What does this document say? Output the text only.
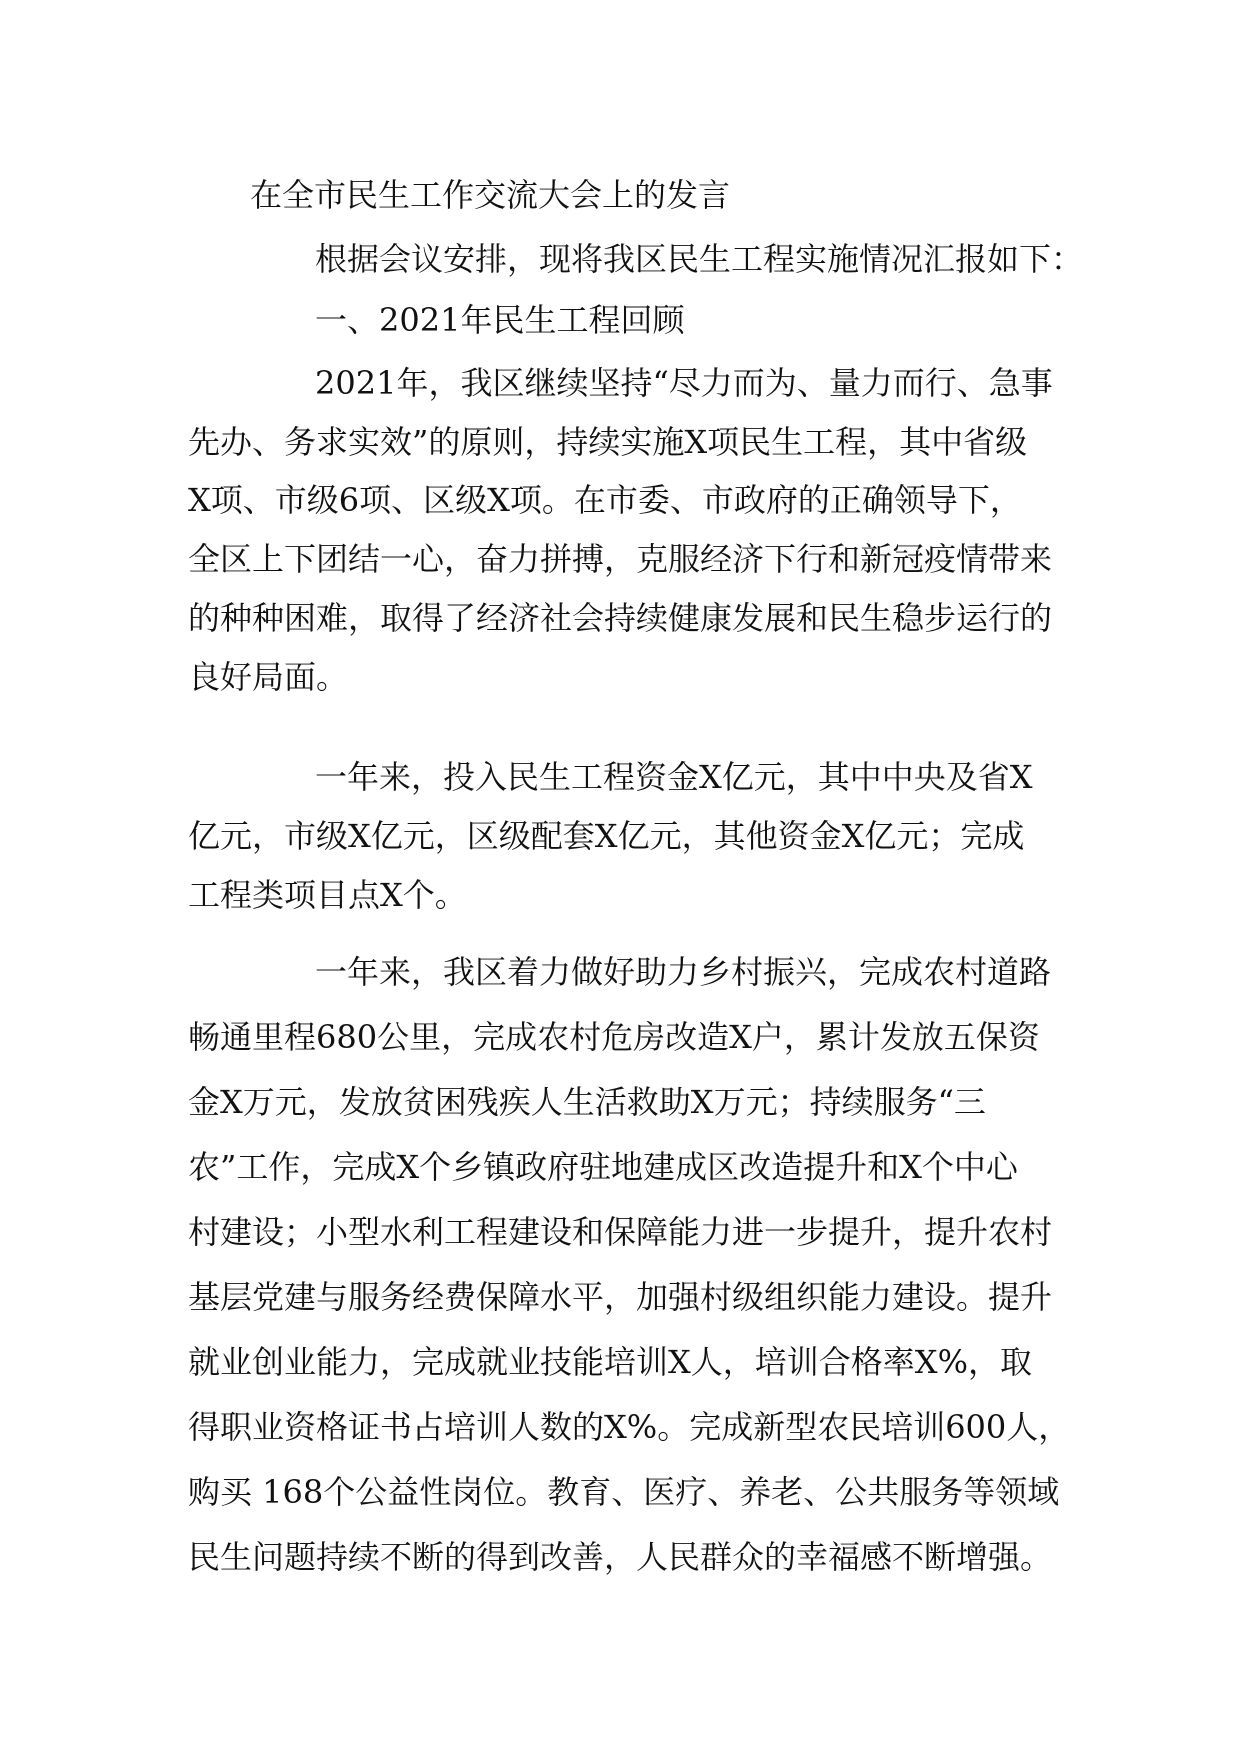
在全市民生工作交流大会上的发言
根据会议安排，现将我区民生工程实施情况汇报如下：
一、2021年民生工程回顾
2021年，我区继续坚持“尽力而为、量力而行、急事
先办、务求实效”的原则，持续实施X项民生工程，其中省级
X项、市级6项、区级X项。在市委、市政府的正确领导下，
全区上下团结一心，奋力拼搏，克服经济下行和新冠疫情带来
的种种困难，取得了经济社会持续健康发展和民生稳步运行的
良好局面。
一年来，投入民生工程资金X亿元，其中中央及省X
亿元，市级X亿元，区级配套X亿元，其他资金X亿元；完成
工程类项目点X个。
一年来，我区着力做好助力乡村振兴，完成农村道路
畅通里程680公里，完成农村危房改造X户，累计发放五保资
金X万元，发放贫困残疾人生活救助X万元；持续服务“三
农”工作，完成X个乡镇政府驻地建成区改造提升和X个中心
村建设；小型水利工程建设和保障能力进一步提升，提升农村
基层党建与服务经费保障水平，加强村级组织能力建设。提升
就业创业能力，完成就业技能培训X人，培训合格率X%，取
得职业资格证书占培训人数的X%。完成新型农民培训600人，
购买 168个公益性岗位。教育、医疗、养老、公共服务等领域
民生问题持续不断的得到改善，人民群众的幸福感不断增强。
